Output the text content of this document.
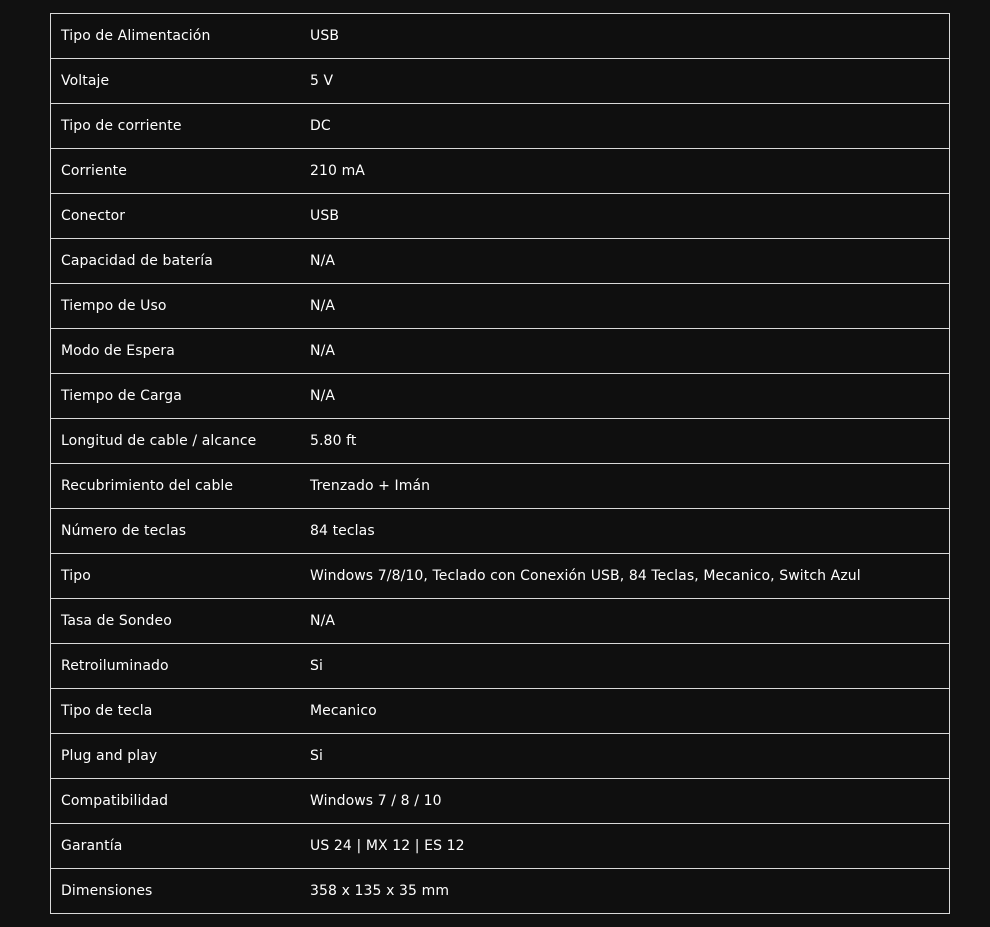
Tipo de Alimentación	USB
Voltaje	5 V
Tipo de corriente	DC
Corriente	210 mA
Conector	USB
Capacidad de batería	N/A
Tiempo de Uso	N/A
Modo de Espera	N/A
Tiempo de Carga	N/A
Longitud de cable / alcance	5.80 ft
Recubrimiento del cable	Trenzado + Imán
Número de teclas	84 teclas
Tipo	Windows 7/8/10, Teclado con Conexión USB, 84 Teclas, Mecanico, Switch Azul
Tasa de Sondeo	N/A
Retroiluminado	Si
Tipo de tecla	Mecanico
Plug and play	Si
Compatibilidad	Windows 7 / 8 / 10
Garantía	US 24 | MX 12 | ES 12
Dimensiones	358 x 135 x 35 mm
